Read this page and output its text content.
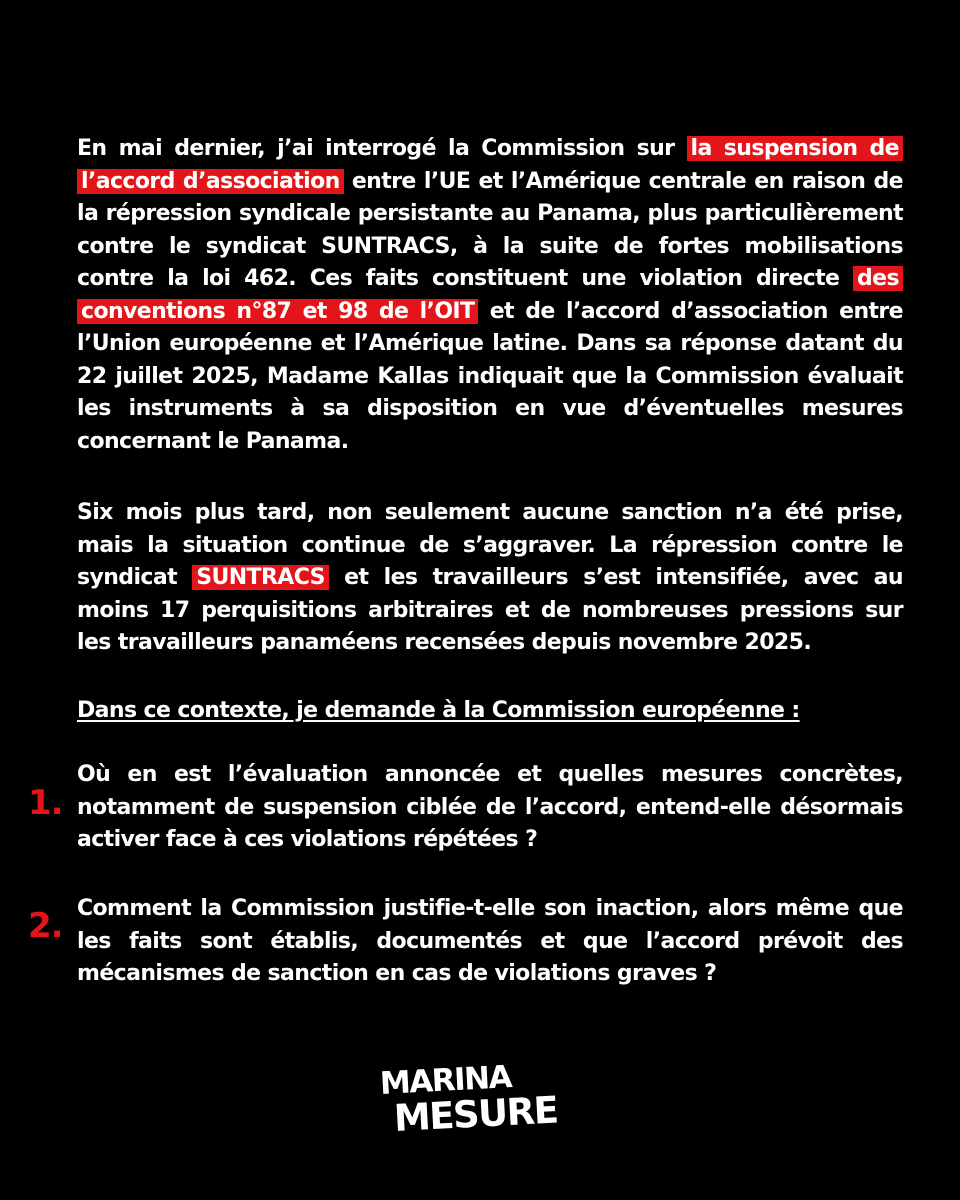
En mai dernier, j’ai interrogé la Commission sur la suspension de l’accord d’association entre l’UE et l’Amérique centrale en raison de la répression syndicale persistante au Panama, plus particulièrement contre le syndicat SUNTRACS, à la suite de fortes mobilisations contre la loi 462. Ces faits constituent une violation directe des conventions n°87 et 98 de l’OIT et de l’accord d’association entre l’Union européenne et l’Amérique latine. Dans sa réponse datant du 22 juillet 2025, Madame Kallas indiquait que la Commission évaluait les instruments à sa disposition en vue d’éventuelles mesures concernant le Panama.

Six mois plus tard, non seulement aucune sanction n’a été prise, mais la situation continue de s’aggraver. La répression contre le syndicat SUNTRACS et les travailleurs s’est intensifiée, avec au moins 17 perquisitions arbitraires et de nombreuses pressions sur les travailleurs panaméens recensées depuis novembre 2025.

Dans ce contexte, je demande à la Commission européenne :

1.

Où en est l’évaluation annoncée et quelles mesures concrètes, notamment de suspension ciblée de l’accord, entend-elle désormais activer face à ces violations répétées ?

2. Comment la Commission justifie-t-elle son inaction, alors même que les faits sont établis, documentés et que l’accord prévoit des mécanismes de sanction en cas de violations graves ?

MARINA
MESURE
